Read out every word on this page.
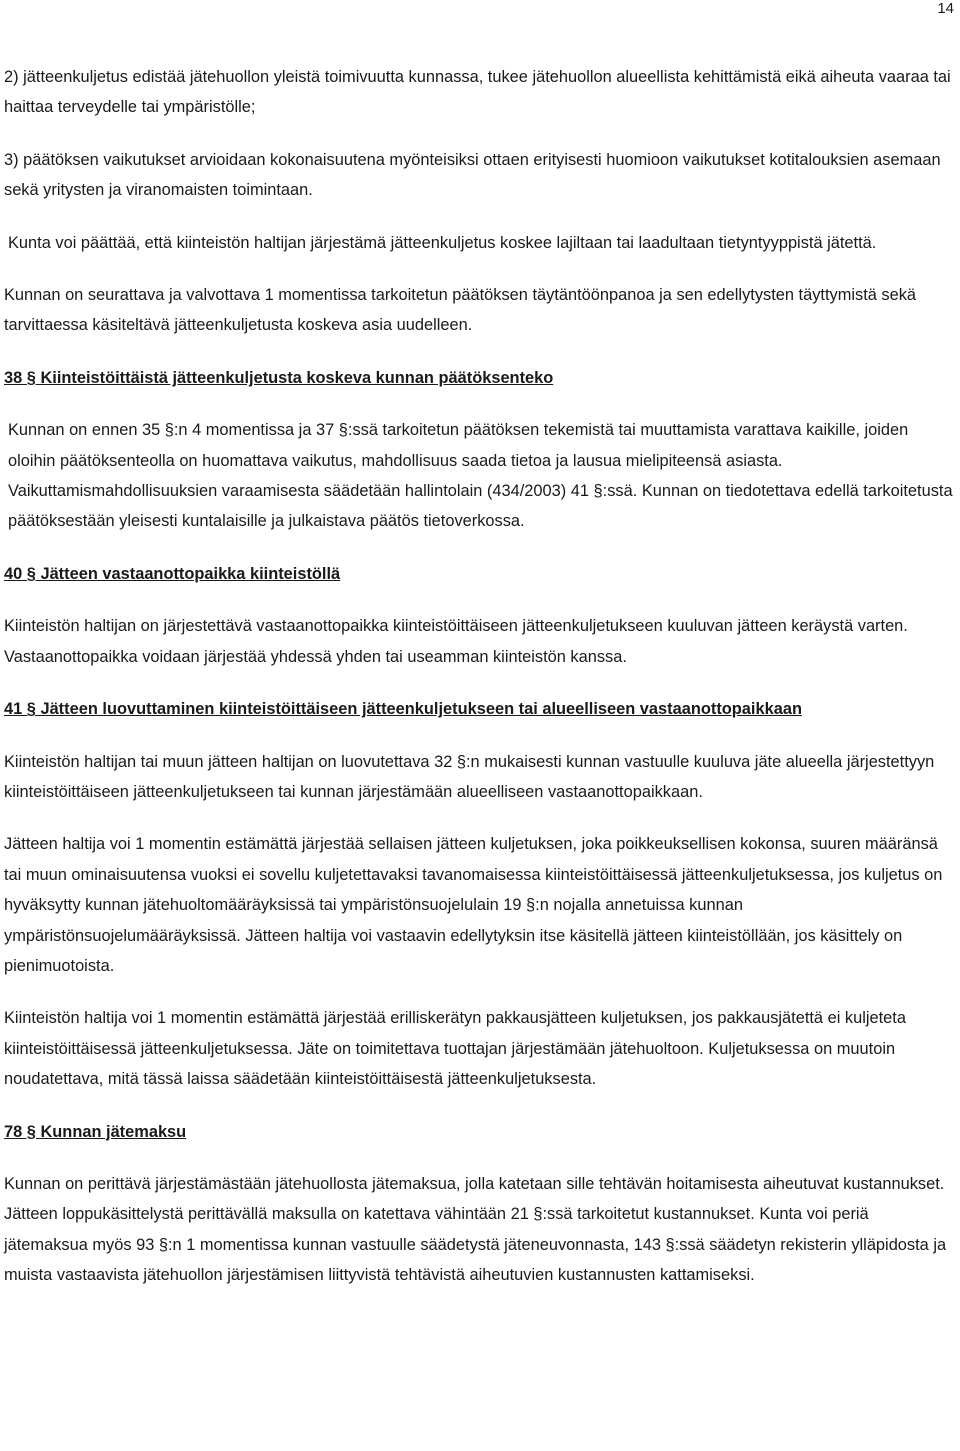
14

2) jätteenkuljetus edistää jätehuollon yleistä toimivuutta kunnassa, tukee jätehuollon alueellista kehittämistä eikä aiheuta vaaraa tai haittaa terveydelle tai ympäristölle;

3) päätöksen vaikutukset arvioidaan kokonaisuutena myönteisiksi ottaen erityisesti huomioon vaikutukset kotitalouksien asemaan sekä yritysten ja viranomaisten toimintaan.

Kunta voi päättää, että kiinteistön haltijan järjestämä jätteenkuljetus koskee lajiltaan tai laadultaan tietyntyyppistä jätettä.

Kunnan on seurattava ja valvottava 1 momentissa tarkoitetun päätöksen täytäntöönpanoa ja sen edellytysten täyttymistä sekä tarvittaessa käsiteltävä jätteenkuljetusta koskeva asia uudelleen.

38 § Kiinteistöittäistä jätteenkuljetusta koskeva kunnan päätöksenteko

Kunnan on ennen 35 §:n 4 momentissa ja 37 §:ssä tarkoitetun päätöksen tekemistä tai muuttamista varattava kaikille, joiden oloihin päätöksenteolla on huomattava vaikutus, mahdollisuus saada tietoa ja lausua mielipiteensä asiasta. Vaikuttamismahdollisuuksien varaamisesta säädetään hallintolain (434/2003) 41 §:ssä. Kunnan on tiedotettava edellä tarkoitetusta päätöksestään yleisesti kuntalaisille ja julkaistava päätös tietoverkossa.

40 § Jätteen vastaanottopaikka kiinteistöllä

Kiinteistön haltijan on järjestettävä vastaanottopaikka kiinteistöittäiseen jätteenkuljetukseen kuuluvan jätteen keräystä varten. Vastaanottopaikka voidaan järjestää yhdessä yhden tai useamman kiinteistön kanssa.

41 § Jätteen luovuttaminen kiinteistöittäiseen jätteenkuljetukseen tai alueelliseen vastaanottopaikkaan

Kiinteistön haltijan tai muun jätteen haltijan on luovutettava 32 §:n mukaisesti kunnan vastuulle kuuluva jäte alueella järjestettyyn kiinteistöittäiseen jätteenkuljetukseen tai kunnan järjestämään alueelliseen vastaanottopaikkaan.

Jätteen haltija voi 1 momentin estämättä järjestää sellaisen jätteen kuljetuksen, joka poikkeuksellisen kokonsa, suuren määränsä tai muun ominaisuutensa vuoksi ei sovellu kuljetettavaksi tavanomaisessa kiinteistöittäisessä jätteenkuljetuksessa, jos kuljetus on hyväksytty kunnan jätehuoltomääräyksissä tai ympäristönsuojelulain 19 §:n nojalla annetuissa kunnan ympäristönsuojelumääräyksissä. Jätteen haltija voi vastaavin edellytyksin itse käsitellä jätteen kiinteistöllään, jos käsittely on pienimuotoista.

Kiinteistön haltija voi 1 momentin estämättä järjestää erilliskerätyn pakkausjätteen kuljetuksen, jos pakkausjätettä ei kuljeteta kiinteistöittäisessä jätteenkuljetuksessa. Jäte on toimitettava tuottajan järjestämään jätehuoltoon. Kuljetuksessa on muutoin noudatettava, mitä tässä laissa säädetään kiinteistöittäisestä jätteenkuljetuksesta.

78 § Kunnan jätemaksu

Kunnan on perittävä järjestämästään jätehuollosta jätemaksua, jolla katetaan sille tehtävän hoitamisesta aiheutuvat kustannukset. Jätteen loppukäsittelystä perittävällä maksulla on katettava vähintään 21 §:ssä tarkoitetut kustannukset. Kunta voi periä jätemaksua myös 93 §:n 1 momentissa kunnan vastuulle säädetystä jäteneuvonnasta, 143 §:ssä säädetyn rekisterin ylläpidosta ja muista vastaavista jätehuollon järjestämisen liittyvistä tehtävistä aiheutuvien kustannusten kattamiseksi.
